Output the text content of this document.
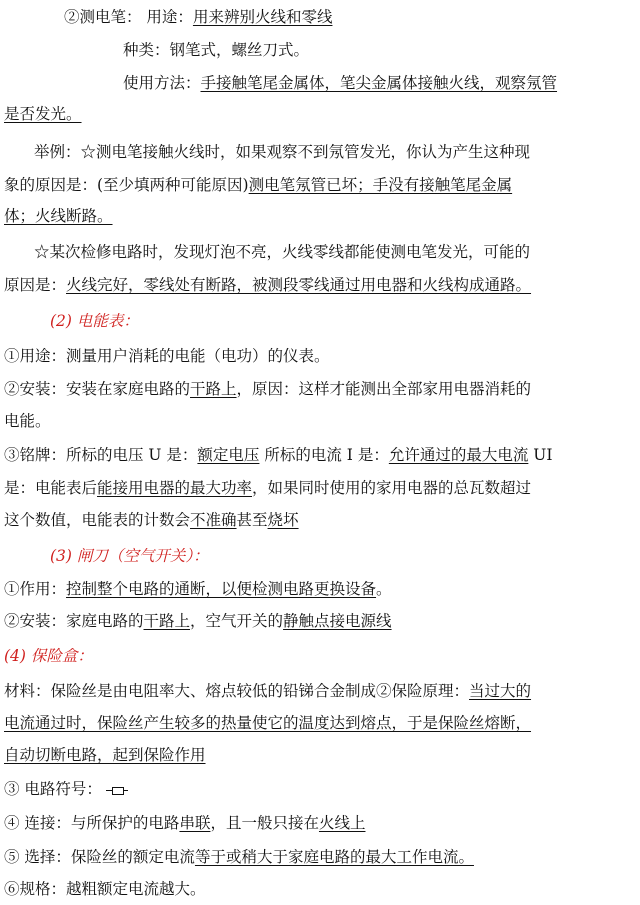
②测电笔： 用途：用来辨别火线和零线
种类：钢笔式，螺丝刀式。
使用方法：手接触笔尾金属体，笔尖金属体接触火线，观察氖管
是否发光。
举例：☆测电笔接触火线时，如果观察不到氖管发光，你认为产生这种现
象的原因是：(至少填两种可能原因)测电笔氖管已坏；手没有接触笔尾金属
体；火线断路。
☆某次检修电路时，发现灯泡不亮，火线零线都能使测电笔发光，可能的
原因是：火线完好，零线处有断路，被测段零线通过用电器和火线构成通路。
(2) 电能表：
①用途：测量用户消耗的电能（电功）的仪表。
②安装：安装在家庭电路的干路上，原因：这样才能测出全部家用电器消耗的
电能。
③铭牌：所标的电压 U 是：额定电压 所标的电流 I 是：允许通过的最大电流 UI
是：电能表后能接用电器的最大功率，如果同时使用的家用电器的总瓦数超过
这个数值，电能表的计数会不准确甚至烧坏
(3) 闸刀（空气开关）：
①作用：控制整个电路的通断，以便检测电路更换设备。
②安装：家庭电路的干路上，空气开关的静触点接电源线
(4) 保险盒：
材料：保险丝是由电阻率大、熔点较低的铅锑合金制成②保险原理：当过大的
电流通过时，保险丝产生较多的热量使它的温度达到熔点，于是保险丝熔断，
自动切断电路，起到保险作用
③ 电路符号：
④ 连接：与所保护的电路串联，且一般只接在火线上
⑤ 选择：保险丝的额定电流等于或稍大于家庭电路的最大工作电流。
⑥规格：越粗额定电流越大。
